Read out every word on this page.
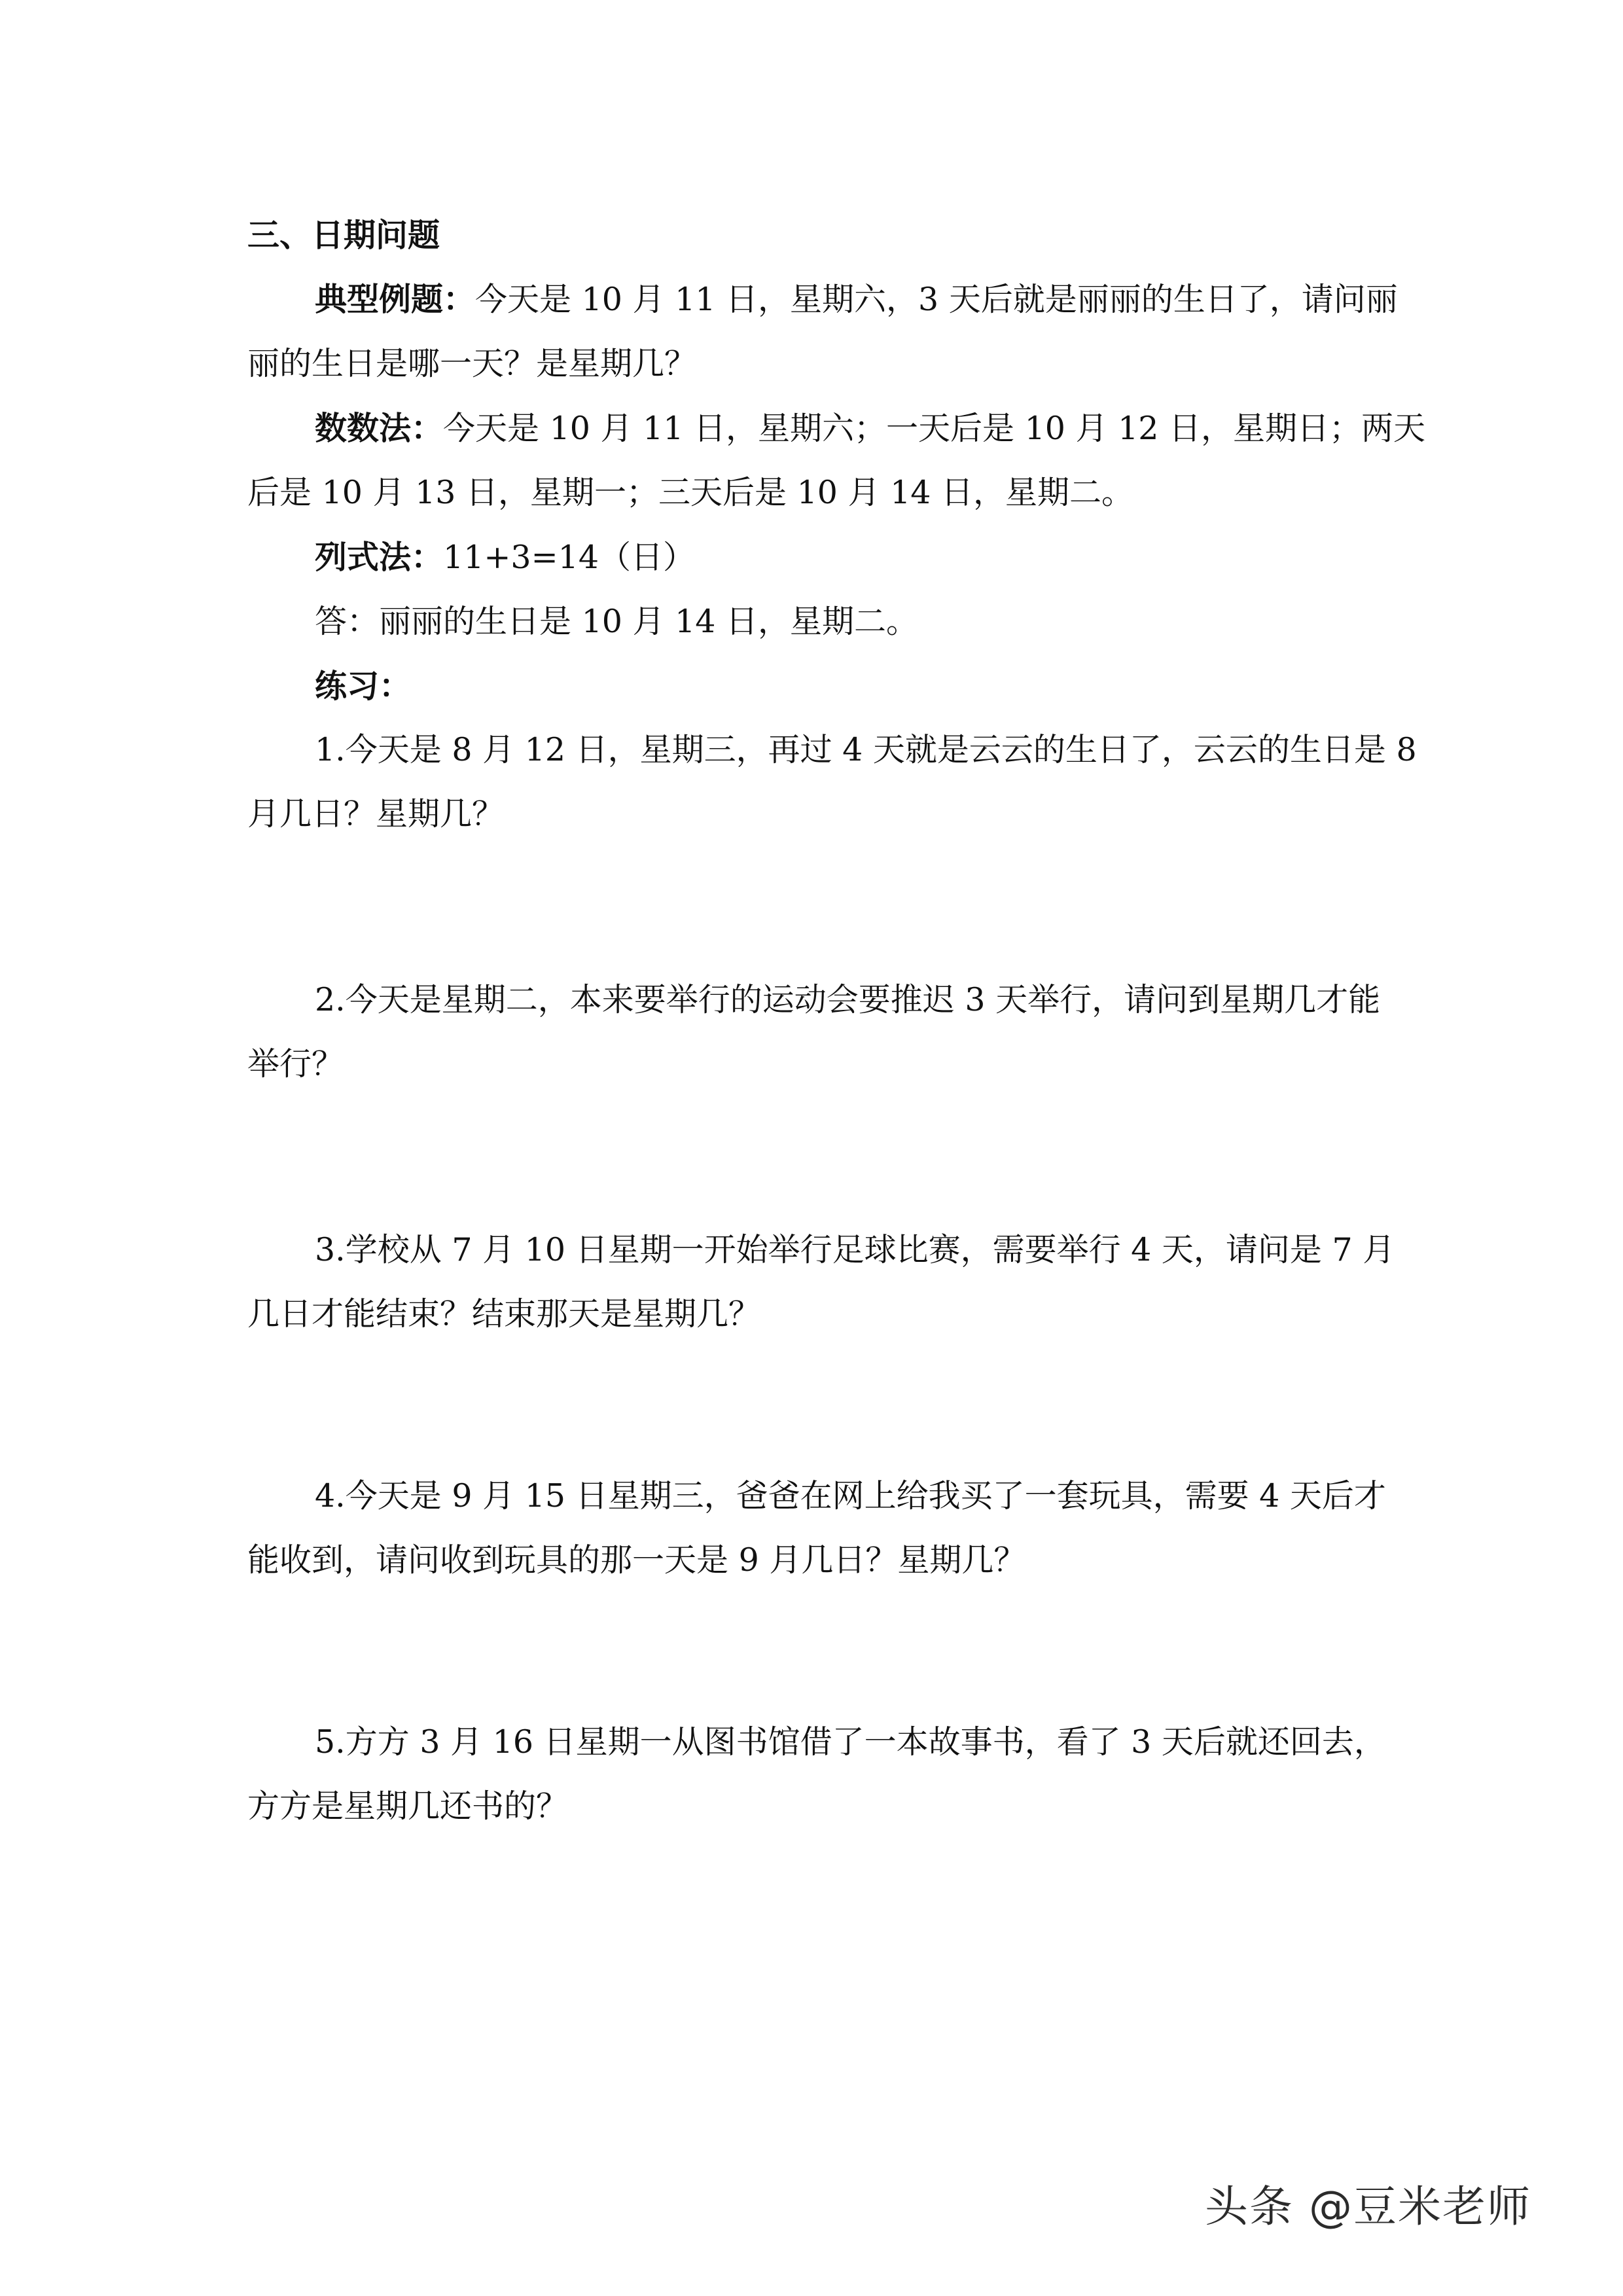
三、日期问题
典型例题：今天是 10 月 11 日，星期六，3 天后就是丽丽的生日了，请问丽
丽的生日是哪一天？是星期几？
数数法：今天是 10 月 11 日，星期六；一天后是 10 月 12 日，星期日；两天
后是 10 月 13 日，星期一；三天后是 10 月 14 日，星期二。
列式法：11+3=14（日）
答：丽丽的生日是 10 月 14 日，星期二。
练习：
1.今天是 8 月 12 日，星期三，再过 4 天就是云云的生日了，云云的生日是 8
月几日？星期几？
2.今天是星期二，本来要举行的运动会要推迟 3 天举行，请问到星期几才能
举行？
3.学校从 7 月 10 日星期一开始举行足球比赛，需要举行 4 天，请问是 7 月
几日才能结束？结束那天是星期几？
4.今天是 9 月 15 日星期三，爸爸在网上给我买了一套玩具，需要 4 天后才
能收到，请问收到玩具的那一天是 9 月几日？星期几？
5.方方 3 月 16 日星期一从图书馆借了一本故事书，看了 3 天后就还回去，
方方是星期几还书的？
头条 @豆米老师
